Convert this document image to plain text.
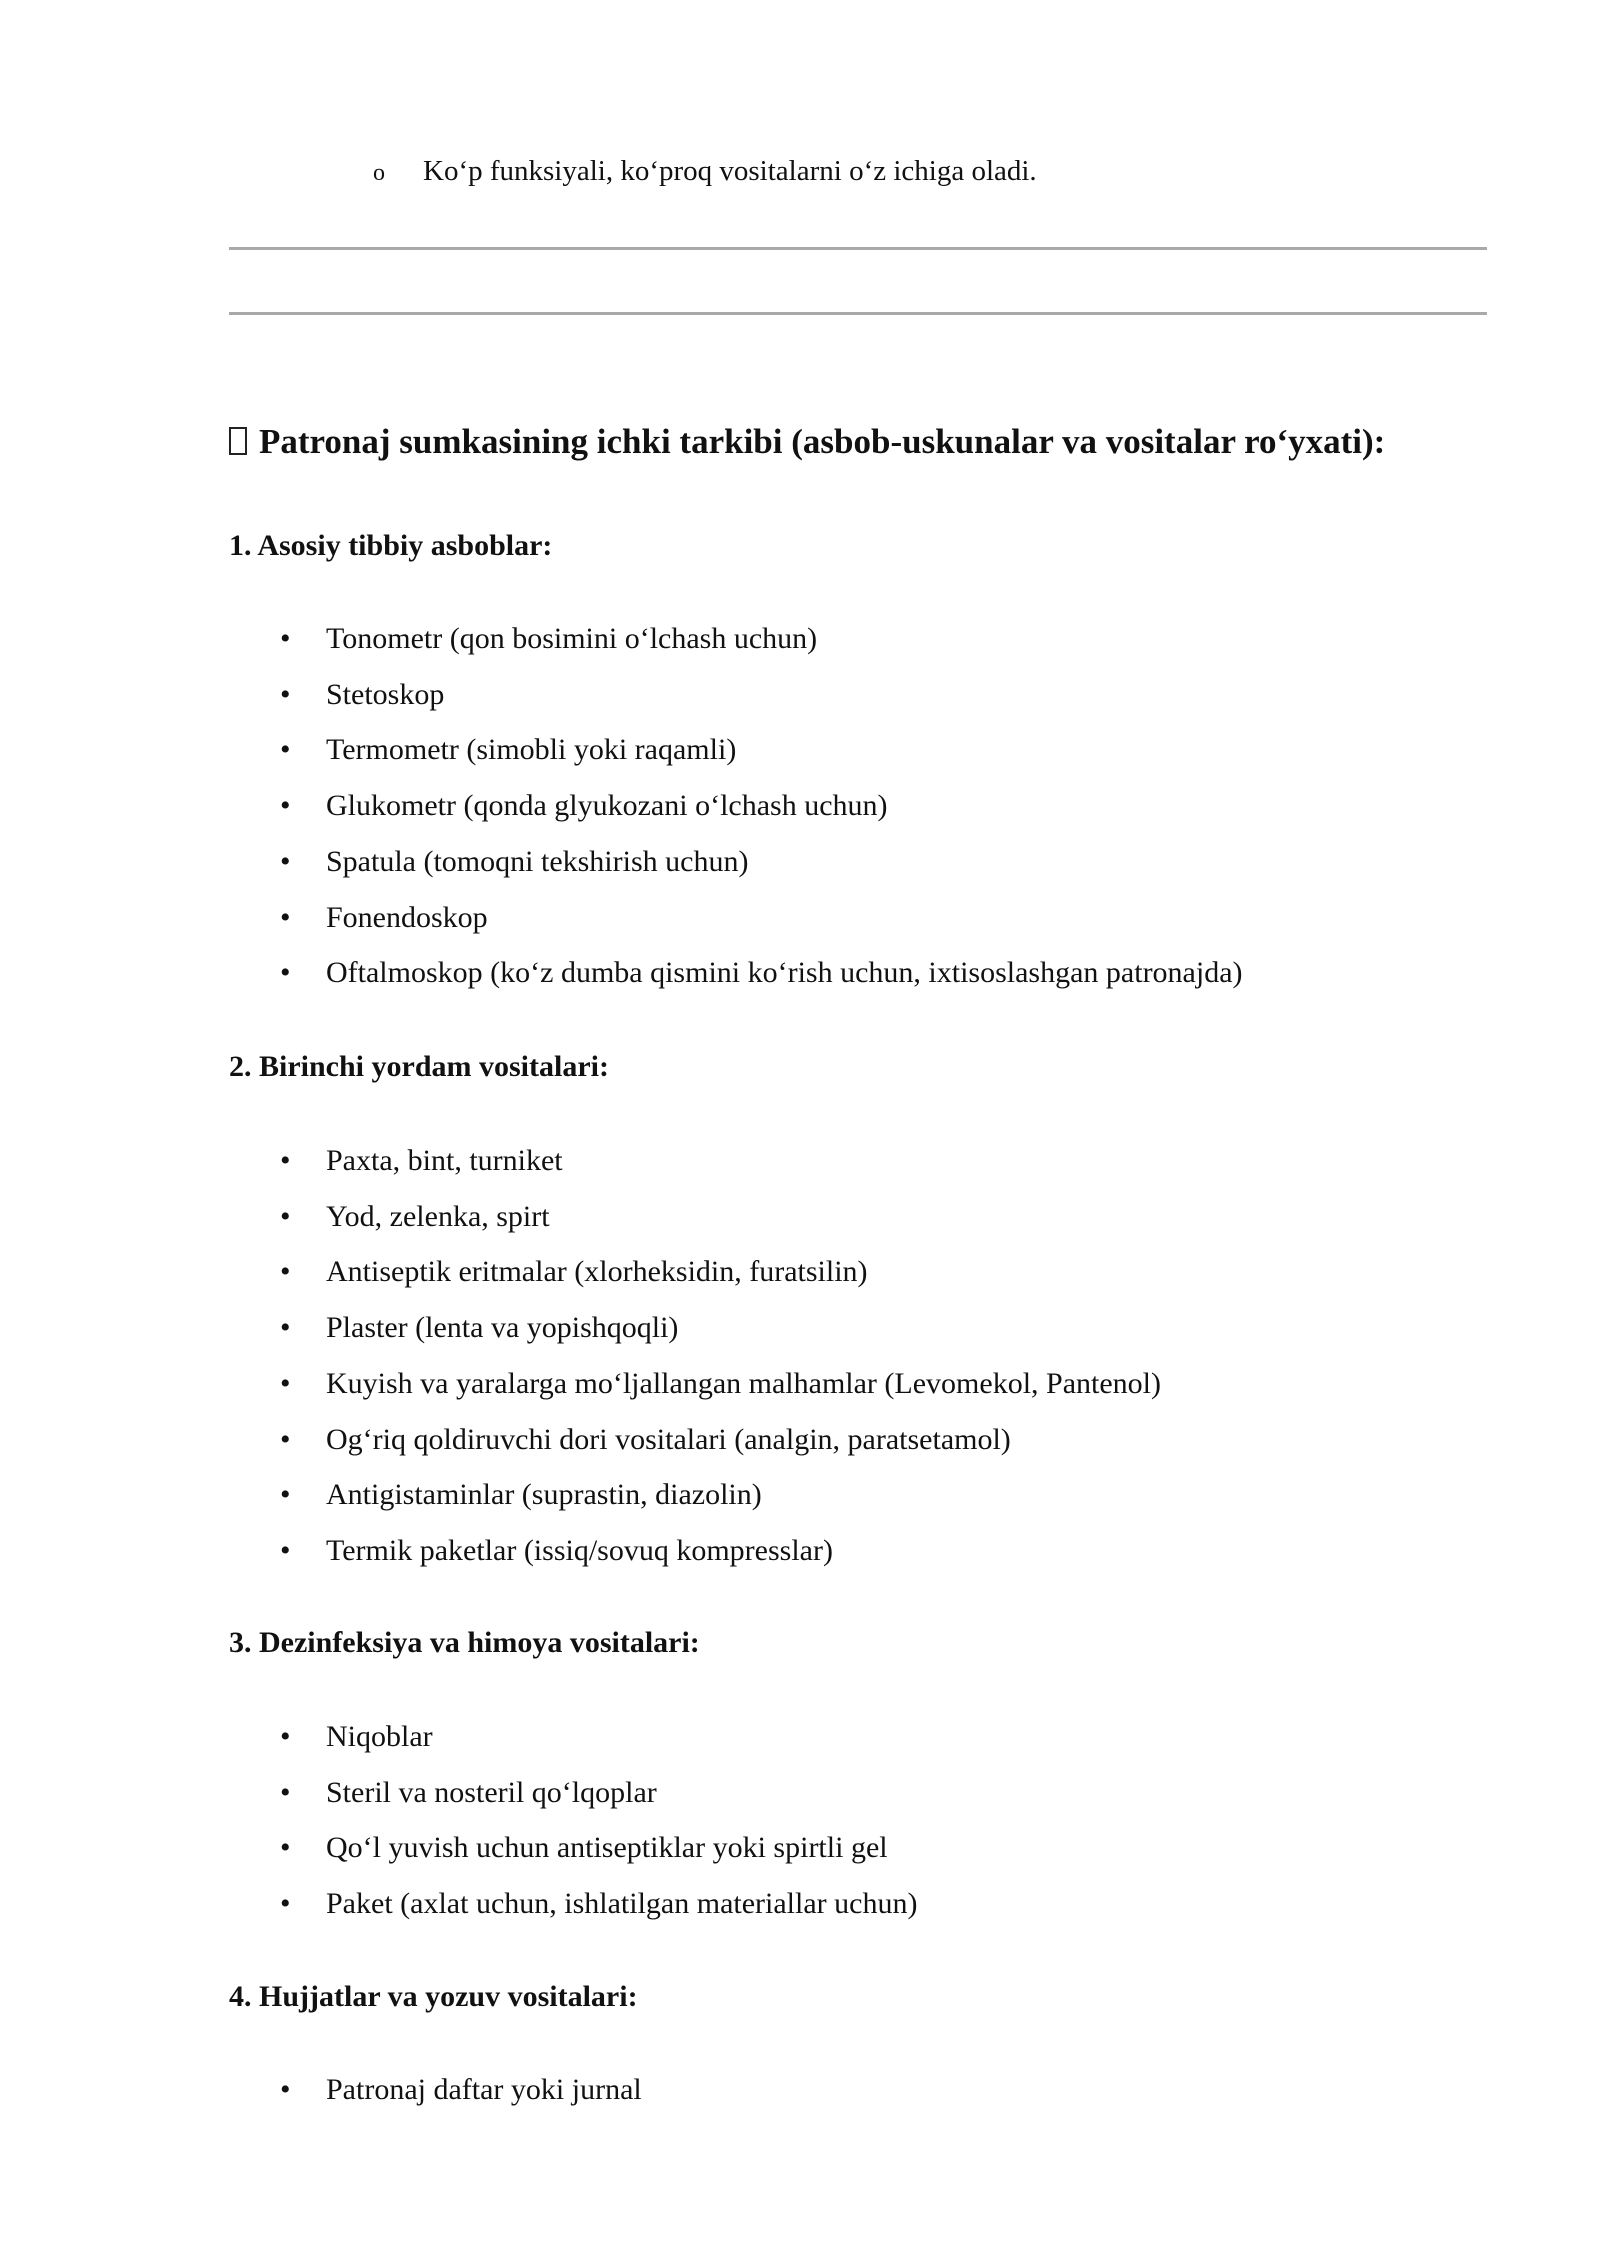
o	Ko‘p funksiyali, ko‘proq vositalarni o‘z ichiga oladi.
Patronaj sumkasining ichki tarkibi (asbob-uskunalar va vositalar ro‘yxati):
1. Asosiy tibbiy asboblar:
•	Tonometr (qon bosimini o‘lchash uchun)
•	Stetoskop
•	Termometr (simobli yoki raqamli)
•	Glukometr (qonda glyukozani o‘lchash uchun)
•	Spatula (tomoqni tekshirish uchun)
•	Fonendoskop
•	Oftalmoskop (ko‘z dumba qismini ko‘rish uchun, ixtisoslashgan patronajda)
2. Birinchi yordam vositalari:
•	Paxta, bint, turniket
•	Yod, zelenka, spirt
•	Antiseptik eritmalar (xlorheksidin, furatsilin)
•	Plaster (lenta va yopishqoqli)
•	Kuyish va yaralarga mo‘ljallangan malhamlar (Levomekol, Pantenol)
•	Og‘riq qoldiruvchi dori vositalari (analgin, paratsetamol)
•	Antigistaminlar (suprastin, diazolin)
•	Termik paketlar (issiq/sovuq kompresslar)
3. Dezinfeksiya va himoya vositalari:
•	Niqoblar
•	Steril va nosteril qo‘lqoplar
•	Qo‘l yuvish uchun antiseptiklar yoki spirtli gel
•	Paket (axlat uchun, ishlatilgan materiallar uchun)
4. Hujjatlar va yozuv vositalari:
•	Patronaj daftar yoki jurnal
